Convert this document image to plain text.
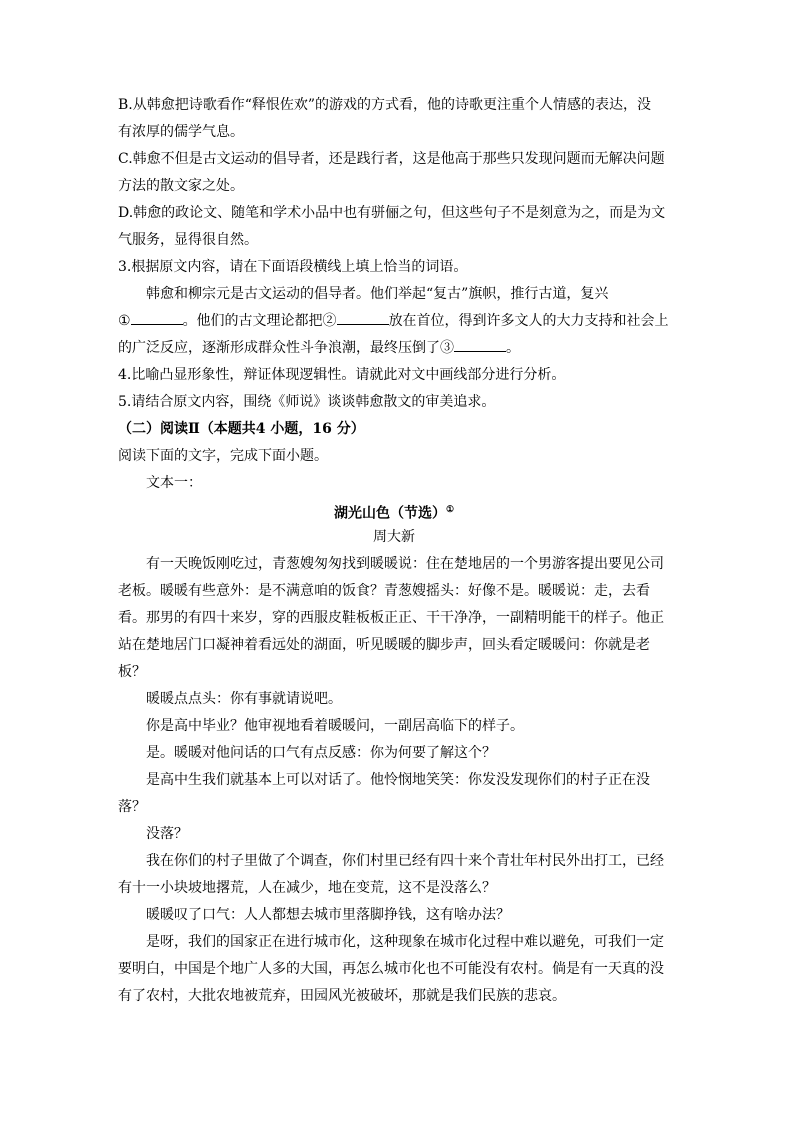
B.从韩愈把诗歌看作“释恨佐欢”的游戏的方式看，他的诗歌更注重个人情感的表达，没
有浓厚的儒学气息。
C.韩愈不但是古文运动的倡导者，还是践行者，这是他高于那些只发现问题而无解决问题
方法的散文家之处。
D.韩愈的政论文、随笔和学术小品中也有骈俪之句，但这些句子不是刻意为之，而是为文
气服务，显得很自然。
3.根据原文内容，请在下面语段横线上填上恰当的词语。
韩愈和柳宗元是古文运动的倡导者。他们举起“复古”旗帜，推行古道，复兴
①	。他们的古文理论都把②	放在首位，得到许多文人的大力支持和社会上
的广泛反应，逐渐形成群众性斗争浪潮，最终压倒了③	。
4.比喻凸显形象性，辩证体现逻辑性。请就此对文中画线部分进行分析。
5.请结合原文内容，围绕《师说》谈谈韩愈散文的审美追求。
（二）阅读Ⅱ（本题共4 小题，16 分）
阅读下面的文字，完成下面小题。
文本一：
湖光山色（节选）①
周大新
有一天晚饭刚吃过，青葱嫂匆匆找到暖暖说：住在楚地居的一个男游客提出要见公司
老板。暖暖有些意外：是不满意咱的饭食？青葱嫂摇头：好像不是。暖暖说：走，去看
看。那男的有四十来岁，穿的西服皮鞋板板正正、干干净净，一副精明能干的样子。他正
站在楚地居门口凝神着看远处的湖面，听见暖暖的脚步声，回头看定暖暖问：你就是老
板？
暖暖点点头：你有事就请说吧。
你是高中毕业？他审视地看着暖暖问，一副居高临下的样子。
是。暖暖对他问话的口气有点反感：你为何要了解这个？
是高中生我们就基本上可以对话了。他怜悯地笑笑：你发没发现你们的村子正在没
落？
没落？
我在你们的村子里做了个调查，你们村里已经有四十来个青壮年村民外出打工，已经
有十一小块坡地撂荒，人在减少，地在变荒，这不是没落么？
暖暖叹了口气：人人都想去城市里落脚挣钱，这有啥办法？
是呀，我们的国家正在进行城市化，这种现象在城市化过程中难以避免，可我们一定
要明白，中国是个地广人多的大国，再怎么城市化也不可能没有农村。倘是有一天真的没
有了农村，大批农地被荒弃，田园风光被破坏，那就是我们民族的悲哀。
